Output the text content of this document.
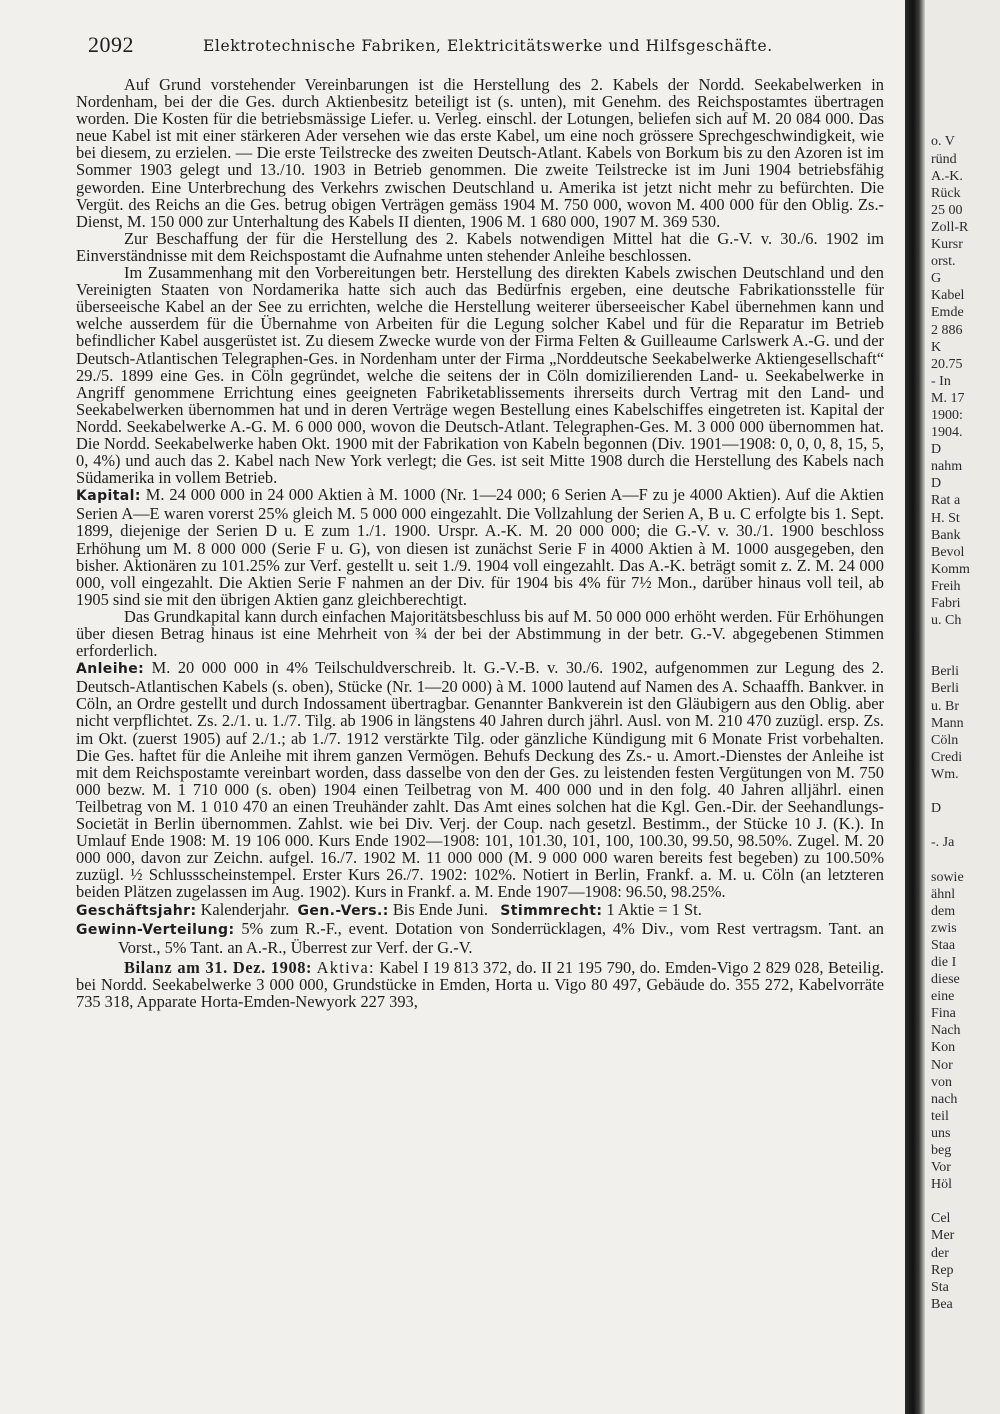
2092	Elektrotechnische Fabriken, Elektricitätswerke und Hilfsgeschäfte.

Auf Grund vorstehender Vereinbarungen ist die Herstellung des 2. Kabels der Nordd. Seekabelwerken in Nordenham, bei der die Ges. durch Aktienbesitz beteiligt ist (s. unten), mit Genehm. des Reichspostamtes übertragen worden. Die Kosten für die betriebsmässige Liefer. u. Verleg. einschl. der Lotungen, beliefen sich auf M. 20 084 000. Das neue Kabel ist mit einer stärkeren Ader versehen wie das erste Kabel, um eine noch grössere Sprechgeschwindigkeit, wie bei diesem, zu erzielen. — Die erste Teilstrecke des zweiten Deutsch-Atlant. Kabels von Borkum bis zu den Azoren ist im Sommer 1903 gelegt und 13./10. 1903 in Betrieb genommen. Die zweite Teilstrecke ist im Juni 1904 betriebsfähig geworden. Eine Unterbrechung des Verkehrs zwischen Deutschland u. Amerika ist jetzt nicht mehr zu befürchten. Die Vergüt. des Reichs an die Ges. betrug obigen Verträgen gemäss 1904 M. 750 000, wovon M. 400 000 für den Oblig. Zs.-Dienst, M. 150 000 zur Unterhaltung des Kabels II dienten, 1906 M. 1 680 000, 1907 M. 369 530.

Zur Beschaffung der für die Herstellung des 2. Kabels notwendigen Mittel hat die G.-V. v. 30./6. 1902 im Einverständnisse mit dem Reichspostamt die Aufnahme unten stehender Anleihe beschlossen.

Im Zusammenhang mit den Vorbereitungen betr. Herstellung des direkten Kabels zwischen Deutschland und den Vereinigten Staaten von Nordamerika hatte sich auch das Bedürfnis ergeben, eine deutsche Fabrikationsstelle für überseeische Kabel an der See zu errichten, welche die Herstellung weiterer überseeischer Kabel übernehmen kann und welche ausserdem für die Übernahme von Arbeiten für die Legung solcher Kabel und für die Reparatur im Betrieb befindlicher Kabel ausgerüstet ist. Zu diesem Zwecke wurde von der Firma Felten & Guilleaume Carlswerk A.-G. und der Deutsch-Atlantischen Telegraphen-Ges. in Nordenham unter der Firma „Norddeutsche Seekabelwerke Aktiengesellschaft“ 29./5. 1899 eine Ges. in Cöln gegründet, welche die seitens der in Cöln domizilierenden Land- u. Seekabelwerke in Angriff genommene Errichtung eines geeigneten Fabriketablissements ihrerseits durch Vertrag mit den Land- und Seekabelwerken übernommen hat und in deren Verträge wegen Bestellung eines Kabelschiffes eingetreten ist. Kapital der Nordd. Seekabelwerke A.-G. M. 6 000 000, wovon die Deutsch-Atlant. Telegraphen-Ges. M. 3 000 000 übernommen hat. Die Nordd. Seekabelwerke haben Okt. 1900 mit der Fabrikation von Kabeln begonnen (Div. 1901—1908: 0, 0, 0, 8, 15, 5, 0, 4%) und auch das 2. Kabel nach New York verlegt; die Ges. ist seit Mitte 1908 durch die Herstellung des Kabels nach Südamerika in vollem Betrieb.

Kapital: M. 24 000 000 in 24 000 Aktien à M. 1000 (Nr. 1—24 000; 6 Serien A—F zu je 4000 Aktien). Auf die Aktien Serien A—E waren vorerst 25% gleich M. 5 000 000 eingezahlt. Die Vollzahlung der Serien A, B u. C erfolgte bis 1. Sept. 1899, diejenige der Serien D u. E zum 1./1. 1900. Urspr. A.-K. M. 20 000 000; die G.-V. v. 30./1. 1900 beschloss Erhöhung um M. 8 000 000 (Serie F u. G), von diesen ist zunächst Serie F in 4000 Aktien à M. 1000 ausgegeben, den bisher. Aktionären zu 101.25% zur Verf. gestellt u. seit 1./9. 1904 voll eingezahlt. Das A.-K. beträgt somit z. Z. M. 24 000 000, voll eingezahlt. Die Aktien Serie F nahmen an der Div. für 1904 bis 4% für 7½ Mon., darüber hinaus voll teil, ab 1905 sind sie mit den übrigen Aktien ganz gleichberechtigt.

Das Grundkapital kann durch einfachen Majoritätsbeschluss bis auf M. 50 000 000 erhöht werden. Für Erhöhungen über diesen Betrag hinaus ist eine Mehrheit von ¾ der bei der Abstimmung in der betr. G.-V. abgegebenen Stimmen erforderlich.

Anleihe: M. 20 000 000 in 4% Teilschuldverschreib. lt. G.-V.-B. v. 30./6. 1902, aufgenommen zur Legung des 2. Deutsch-Atlantischen Kabels (s. oben), Stücke (Nr. 1—20 000) à M. 1000 lautend auf Namen des A. Schaaffh. Bankver. in Cöln, an Ordre gestellt und durch Indossament übertragbar. Genannter Bankverein ist den Gläubigern aus den Oblig. aber nicht verpflichtet. Zs. 2./1. u. 1./7. Tilg. ab 1906 in längstens 40 Jahren durch jährl. Ausl. von M. 210 470 zuzügl. ersp. Zs. im Okt. (zuerst 1905) auf 2./1.; ab 1./7. 1912 verstärkte Tilg. oder gänzliche Kündigung mit 6 Monate Frist vorbehalten. Die Ges. haftet für die Anleihe mit ihrem ganzen Vermögen. Behufs Deckung des Zs.- u. Amort.-Dienstes der Anleihe ist mit dem Reichspostamte vereinbart worden, dass dasselbe von den der Ges. zu leistenden festen Vergütungen von M. 750 000 bezw. M. 1 710 000 (s. oben) 1904 einen Teilbetrag von M. 400 000 und in den folg. 40 Jahren alljährl. einen Teilbetrag von M. 1 010 470 an einen Treuhänder zahlt. Das Amt eines solchen hat die Kgl. Gen.-Dir. der Seehandlungs-Societät in Berlin übernommen. Zahlst. wie bei Div. Verj. der Coup. nach gesetzl. Bestimm., der Stücke 10 J. (K.). In Umlauf Ende 1908: M. 19 106 000. Kurs Ende 1902—1908: 101, 101.30, 101, 100, 100.30, 99.50, 98.50%. Zugel. M. 20 000 000, davon zur Zeichn. aufgel. 16./7. 1902 M. 11 000 000 (M. 9 000 000 waren bereits fest begeben) zu 100.50% zuzügl. ½ Schlussscheinstempel. Erster Kurs 26./7. 1902: 102%. Notiert in Berlin, Frankf. a. M. u. Cöln (an letzteren beiden Plätzen zugelassen im Aug. 1902). Kurs in Frankf. a. M. Ende 1907—1908: 96.50, 98.25%.

Geschäftsjahr: Kalenderjahr. Gen.-Vers.: Bis Ende Juni. Stimmrecht: 1 Aktie = 1 St.

Gewinn-Verteilung: 5% zum R.-F., event. Dotation von Sonderrücklagen, 4% Div., vom Rest vertragsm. Tant. an Vorst., 5% Tant. an A.-R., Überrest zur Verf. der G.-V.

Bilanz am 31. Dez. 1908: Aktiva: Kabel I 19 813 372, do. II 21 195 790, do. Emden-Vigo 2 829 028, Beteilig. bei Nordd. Seekabelwerke 3 000 000, Grundstücke in Emden, Horta u. Vigo 80 497, Gebäude do. 355 272, Kabelvorräte 735 318, Apparate Horta-Emden-Newyork 227 393,

o. V
ründ
A.-K.
Rück
25 00
Zoll-R
Kursr
orst.
G
Kabel
Emde
2 886
K
20.75
- In
M. 17
1900:
1904.
D
nahm
D
Rat a
H. St
Bank
Bevol
Komm
Freih
Fabri
u. Ch
Berli
Berli
u. Br
Mann
Cöln
Credi
Wm.
D
-. Ja
sowie
ähnl
dem
zwis
Staa
die I
diese
eine
Fina
Nach
Kon
Nor
von
nach
teil
uns
beg
Vor
Höl
Cel
Mer
der
Rep
Sta
Bea
